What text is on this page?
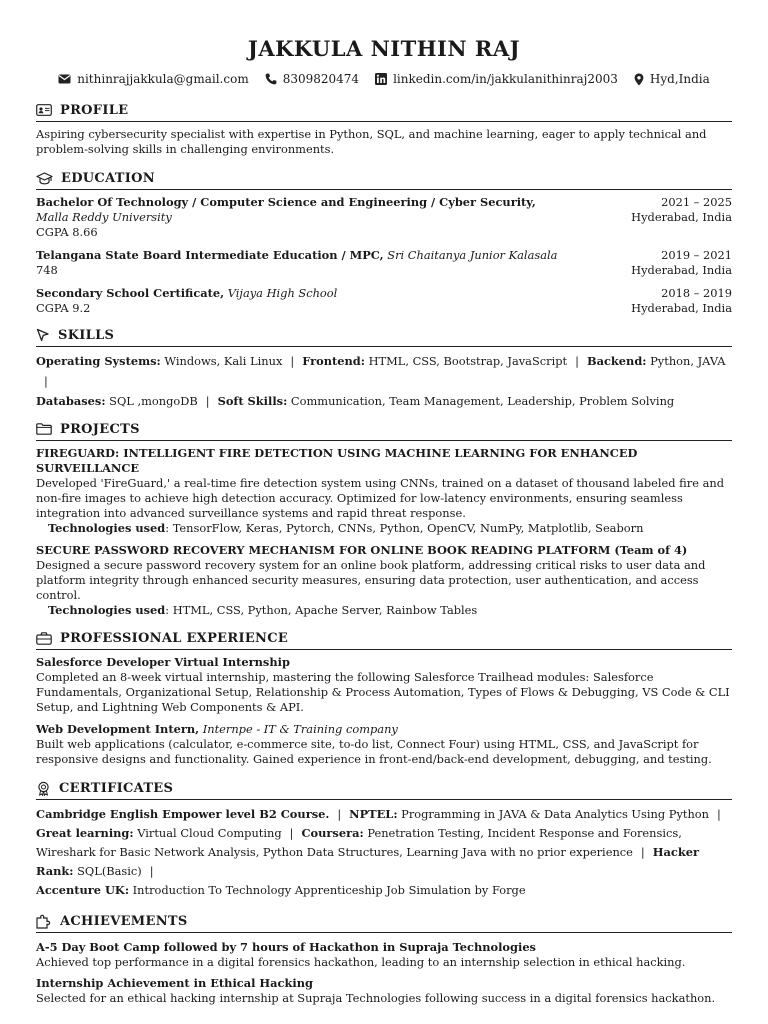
JAKKULA NITHIN RAJ
nithinrajjakkula@gmail.com	8309820474	linkedin.com/in/jakkulanithinraj2003	Hyd,India
PROFILE

Aspiring cybersecurity specialist with expertise in Python, SQL, and machine learning, eager to apply technical and problem-solving skills in challenging environments.

EDUCATION
Bachelor Of Technology / Computer Science and Engineering / Cyber Security,	2021 – 2025
Malla Reddy University	Hyderabad, India
CGPA 8.66
Telangana State Board Intermediate Education / MPC, Sri Chaitanya Junior Kalasala	2019 – 2021
748	Hyderabad, India
Secondary School Certificate, Vijaya High School	2018 – 2019
CGPA 9.2	Hyderabad, India
SKILLS
Operating Systems: Windows, Kali Linux | Frontend: HTML, CSS, Bootstrap, JavaScript | Backend: Python, JAVA|
Databases: SQL ,mongoDB | Soft Skills: Communication, Team Management, Leadership, Problem Solving
PROJECTS
FIREGUARD: INTELLIGENT FIRE DETECTION USING MACHINE LEARNING FOR ENHANCED SURVEILLANCE

Developed 'FireGuard,' a real-time fire detection system using CNNs, trained on a dataset of thousand labeled fire and non-fire images to achieve high detection accuracy. Optimized for low-latency environments, ensuring seamless integration into advanced surveillance systems and rapid threat response.

Technologies used: TensorFlow, Keras, Pytorch, CNNs, Python, OpenCV, NumPy, Matplotlib, Seaborn
SECURE PASSWORD RECOVERY MECHANISM FOR ONLINE BOOK READING PLATFORM (Team of 4)

Designed a secure password recovery system for an online book platform, addressing critical risks to user data and platform integrity through enhanced security measures, ensuring data protection, user authentication, and access control.

Technologies used: HTML, CSS, Python, Apache Server, Rainbow Tables
PROFESSIONAL EXPERIENCE
Salesforce Developer Virtual Internship

Completed an 8-week virtual internship, mastering the following Salesforce Trailhead modules: Salesforce Fundamentals, Organizational Setup, Relationship & Process Automation, Types of Flows & Debugging, VS Code & CLI Setup, and Lightning Web Components & API.

Web Development Intern, Internpe - IT & Training company

Built web applications (calculator, e-commerce site, to-do list, Connect Four) using HTML, CSS, and JavaScript for responsive designs and functionality. Gained experience in front-end/back-end development, debugging, and testing.

CERTIFICATES
Cambridge English Empower level B2 Course. | NPTEL: Programming in JAVA & Data Analytics Using Python |
Great learning: Virtual Cloud Computing | Coursera: Penetration Testing, Incident Response and Forensics, Wireshark for Basic Network Analysis, Python Data Structures, Learning Java with no prior experience | Hacker Rank: SQL(Basic) |
Accenture UK: Introduction To Technology Apprenticeship Job Simulation by Forge
ACHIEVEMENTS
A-5 Day Boot Camp followed by 7 hours of Hackathon in Supraja Technologies
Achieved top performance in a digital forensics hackathon, leading to an internship selection in ethical hacking.
Internship Achievement in Ethical Hacking
Selected for an ethical hacking internship at Supraja Technologies following success in a digital forensics hackathon.
